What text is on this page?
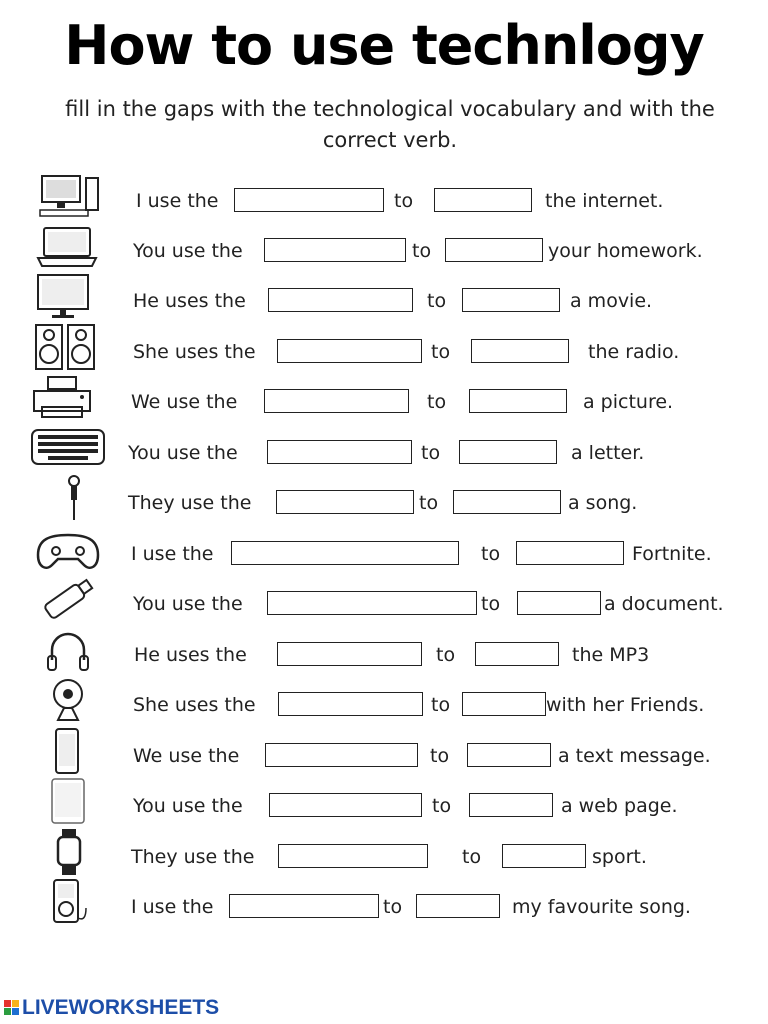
How to use technlogy
fill in the gaps with the technological vocabulary and with the correct verb.
I use the	to	the internet.
You use the	to	your homework.
He uses the	to	a movie.
She uses the	to	the radio.
We use the	to	a picture.
You use the	to	a letter.
They use the	to	a song.
I use the	to	Fortnite.
You use the	to	a document.
He uses the	to	the MP3
She uses the	to	with her Friends.
We use the	to	a text message.
You use the	to	a web page.
They use the	to	sport.
I use the	to	my favourite song.
LIVEWORKSHEETS
